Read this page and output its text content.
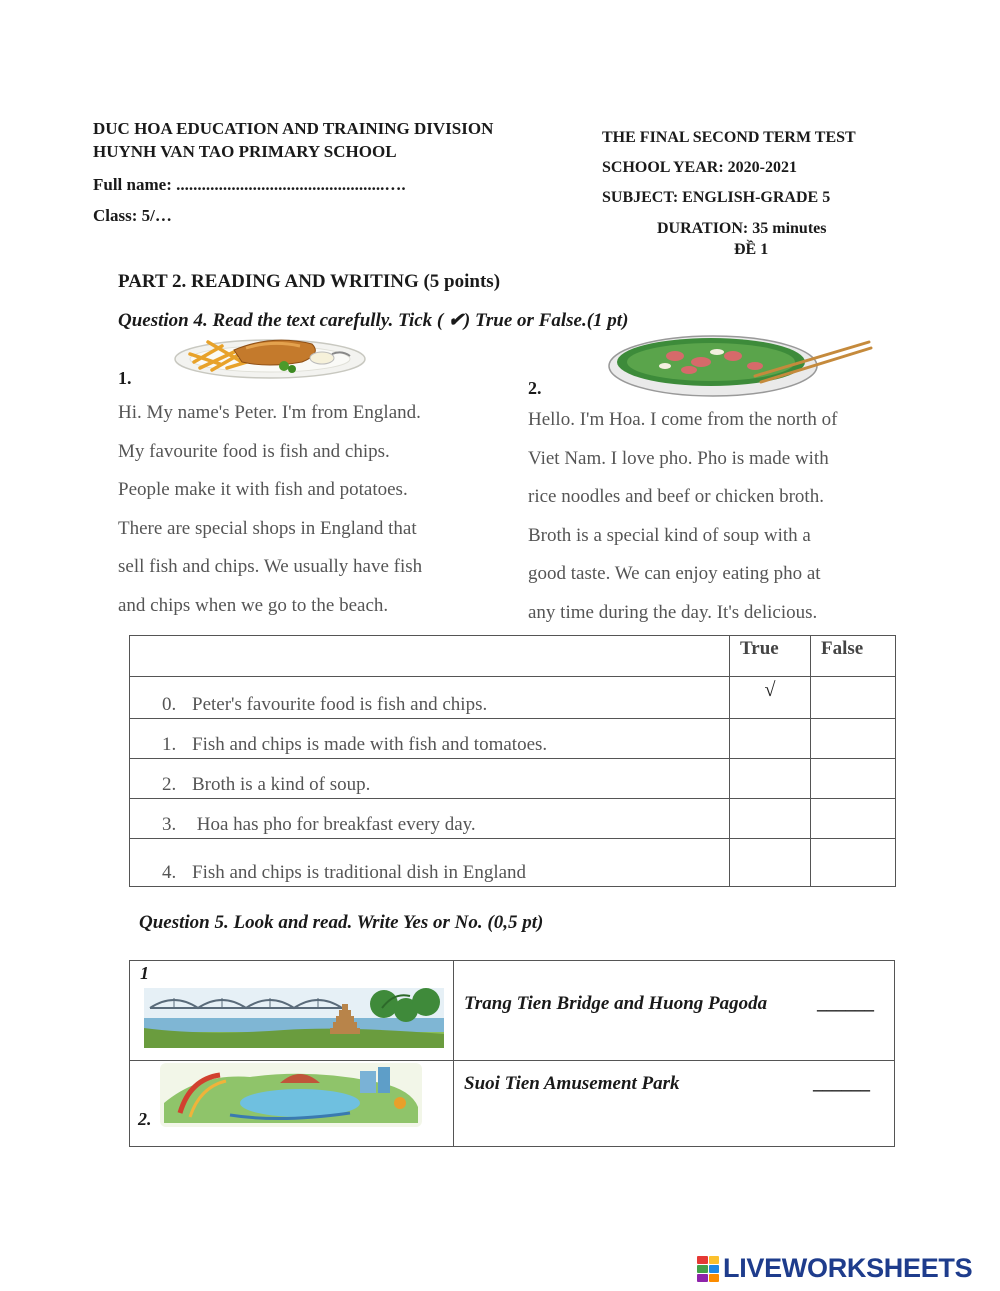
DUC HOA EDUCATION AND TRAINING DIVISION
HUYNH VAN TAO PRIMARY SCHOOL
Full name: .................................................….
Class: 5/…
THE FINAL SECOND TERM TEST
SCHOOL YEAR: 2020-2021
SUBJECT: ENGLISH-GRADE 5
DURATION: 35 minutes
ĐỀ 1
PART 2. READING AND WRITING (5 points)
Question 4. Read the text carefully. Tick ( ✔) True or False.(1 pt)
1.	2.
Hi. My name's Peter. I'm from England.
My favourite food is fish and chips.
People make it with fish and potatoes.
There are special shops in England that
sell fish and chips. We usually have fish
and chips when we go to the beach.
Hello. I'm Hoa. I come from the north of
Viet Nam. I love pho. Pho is made with
rice noodles and beef or chicken broth.
Broth is a special kind of soup with a
good taste. We can enjoy eating pho at
any time during the day. It's delicious.
	True	False
0. Peter's favourite food is fish and chips.	√	
1. Fish and chips is made with fish and tomatoes.		
2. Broth is a kind of soup.		
3. Hoa has pho for breakfast every day.		
4. Fish and chips is traditional dish in England		
Question 5. Look and read. Write Yes or No. (0,5 pt)
1	Trang Tien Bridge and Huong Pagoda ______

2.	Suoi Tien Amusement Park ______
LIVEWORKSHEETS
